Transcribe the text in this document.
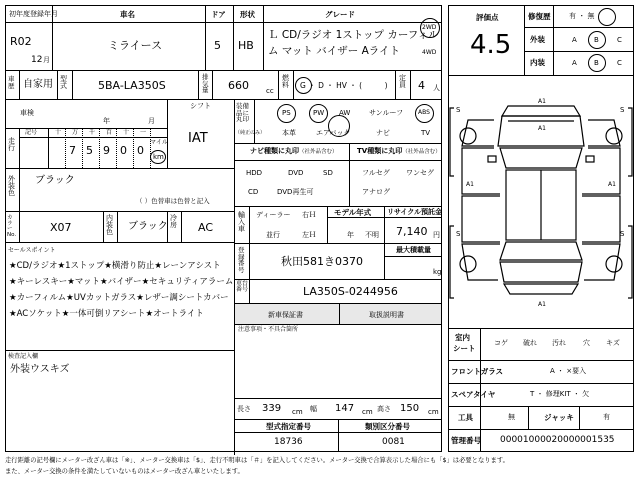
初年度登録年月
R02
12 月
車名
ミライース
ドア
5
形状
HB
グレード
Ｌ CD/ラジオ 1ストップ カーフィル
ム マット バイザー Aライト
2WD
4WD
車歴 自家用 型式	5BA-LA350S
排気量 660 cc
燃料 G ・ D ・ HV ・ (　　　)
定員 4 人
車検
年	月
シフト
IAT
走行
記号	十 万 千 百 十 一
7 5 9 0 0
マイル
km
外装色
ブラック
（ ）色替車は色替と記入
カラーNo.
X07
内装色 ブラック
冷房 AC
セールスポイント
★CD/ラジオ★1ストップ★横滑り防止★レーンアシスト
★キーレスキー★マット★バイザー★セキュリティアラーム
★カーフィルム★UVカットガラス★レザー調シートカバー
★ACソケット★一体可倒リアシート★オートライト
検査記入欄
外装ウスキズ
装備品に丸印
（純正のみ）
PS	PW AW	サンルーフ ABS
本革	エアバック	ナビ	TV
ナビ種類に丸印（社外品含む）	TV種類に丸印（社外品含む）
HDD	DVD	SD
CD	DVD再生可
フルセグ ワンセグ
アナログ
輸入車
ディーラー
並行
右Ｈ
左Ｈ
モデル年式
年 不明
リサイクル預託金
7,140 円
登録番号
秋田581き0370
最大積載量
kg
車台番号	LA350S-0244956
新車保証書	取扱説明書
注意事項・不具合箇所
長さ 339 cm 幅 147 cm 高さ 150 cm
型式指定番号	類別区分番号
18736	0081
評価点
4.5
修復歴	有 ・ 無
外装	A B	C
内装	A B	C
A1
A1
A1	A1
A1
S	S
S	S
室内
シート
コゲ 破れ 汚れ 穴 キズ
フロントガラス	A ・ ×要入
スペアタイヤ	T ・ 修理KIT ・ 欠
工具	無	ジャッキ	有
管理番号 00001000020000001535
走行距離の記号欄にメーター改ざん車は「※」、メーター交換車は「$」、走行不明車は「＃」を記入してください。メーター交換で合算表示した場合にも「$」は必要となります。
また、メーター交換の条件を満たしていないものはメーター改ざん車といたします。
